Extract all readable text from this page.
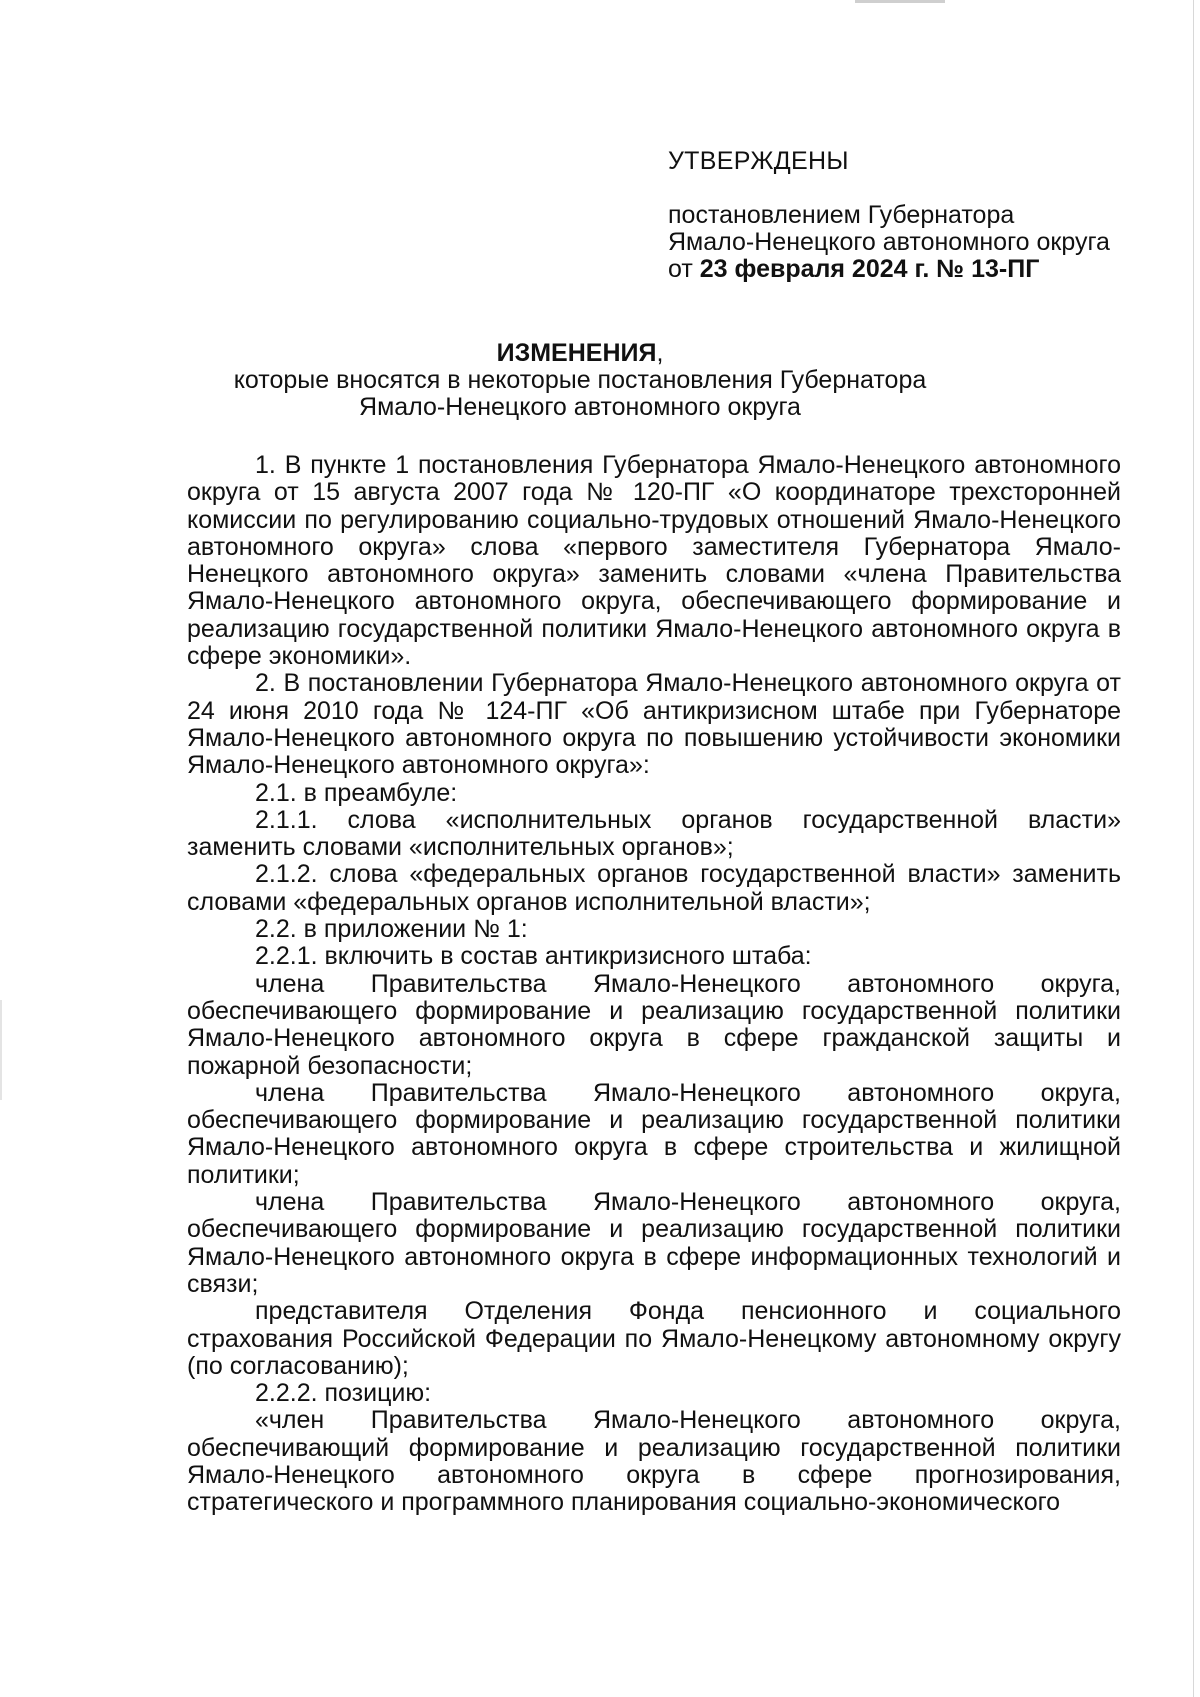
УТВЕРЖДЕНЫ
постановлением Губернатора
Ямало-Ненецкого автономного округа
от 23 февраля 2024 г. № 13-ПГ
ИЗМЕНЕНИЯ,
которые вносятся в некоторые постановления Губернатора
Ямало-Ненецкого автономного округа

1. В пункте 1 постановления Губернатора Ямало-Ненецкого автономного округа от 15 августа 2007 года № 120-ПГ «О координаторе трехсторонней комиссии по регулированию социально-трудовых отношений Ямало-Ненецкого автономного округа» слова «первого заместителя Губернатора Ямало-Ненецкого автономного округа» заменить словами «члена Правительства Ямало-Ненецкого автономного округа, обеспечивающего формирование и реализацию государственной политики Ямало-Ненецкого автономного округа в сфере экономики».

2. В постановлении Губернатора Ямало-Ненецкого автономного округа от 24 июня 2010 года № 124-ПГ «Об антикризисном штабе при Губернаторе Ямало-Ненецкого автономного округа по повышению устойчивости экономики Ямало-Ненецкого автономного округа»:

2.1. в преамбуле:

2.1.1. слова «исполнительных органов государственной власти» заменить словами «исполнительных органов»;

2.1.2. слова «федеральных органов государственной власти» заменить словами «федеральных органов исполнительной власти»;

2.2. в приложении № 1:

2.2.1. включить в состав антикризисного штаба:

члена Правительства Ямало-Ненецкого автономного округа, обеспечивающего формирование и реализацию государственной политики Ямало-Ненецкого автономного округа в сфере гражданской защиты и пожарной безопасности;

члена Правительства Ямало-Ненецкого автономного округа, обеспечивающего формирование и реализацию государственной политики Ямало-Ненецкого автономного округа в сфере строительства и жилищной политики;

члена Правительства Ямало-Ненецкого автономного округа, обеспечивающего формирование и реализацию государственной политики Ямало-Ненецкого автономного округа в сфере информационных технологий и связи;

представителя Отделения Фонда пенсионного и социального страхования Российской Федерации по Ямало-Ненецкому автономному округу (по согласованию);

2.2.2. позицию:

«член Правительства Ямало-Ненецкого автономного округа, обеспечивающий формирование и реализацию государственной политики Ямало-Ненецкого автономного округа в сфере прогнозирования, стратегического и программного планирования социально-экономического
